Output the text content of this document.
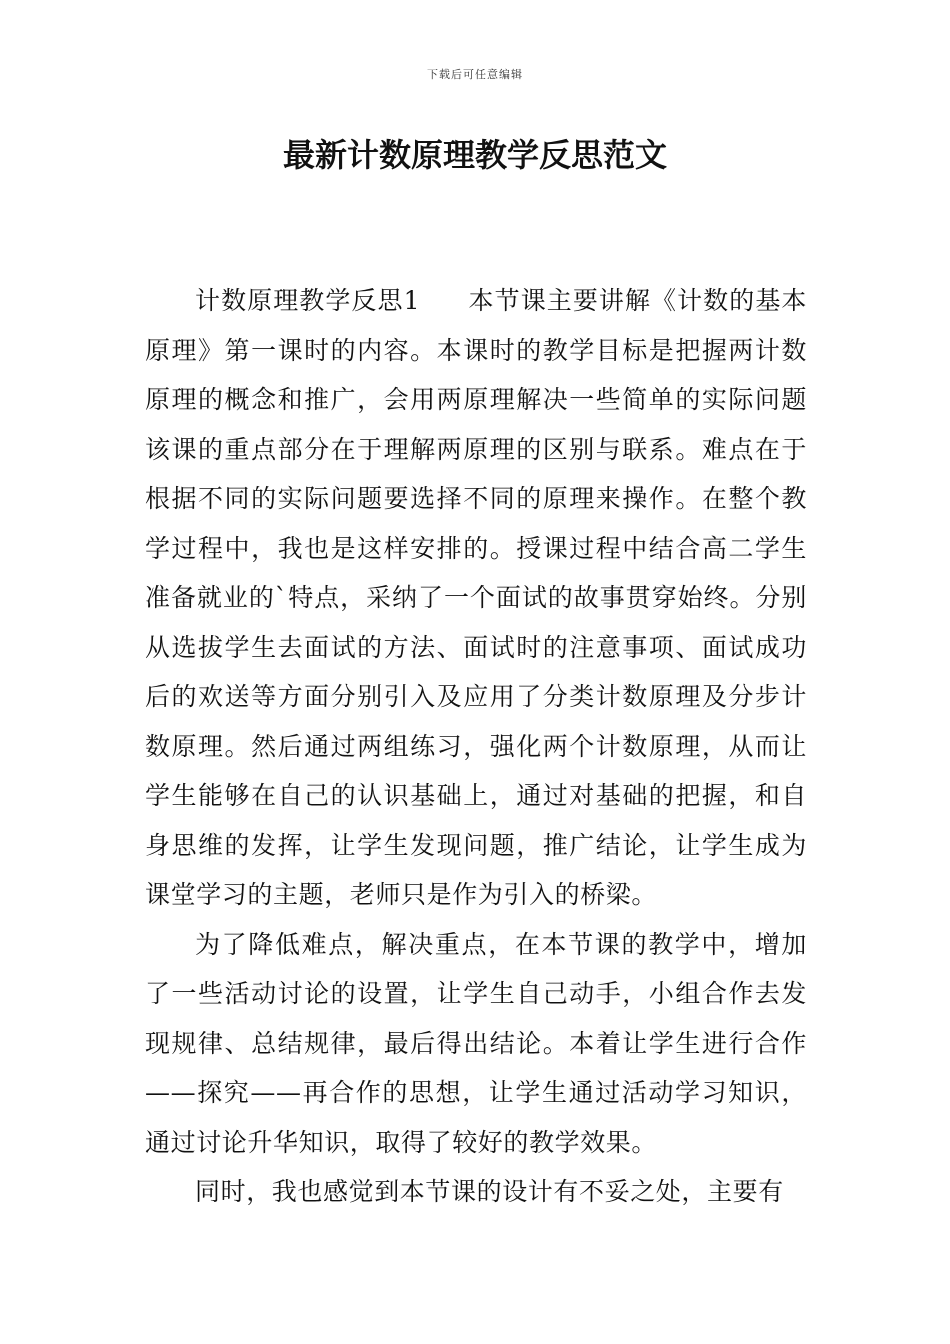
下载后可任意编辑
最新计数原理教学反思范文

计数原理教学反思1 本节课主要讲解《计数的基本原理》第一课时的内容。本课时的教学目标是把握两计数原理的概念和推广，会用两原理解决一些简单的实际问题该课的重点部分在于理解两原理的区别与联系。难点在于根据不同的实际问题要选择不同的原理来操作。在整个教学过程中，我也是这样安排的。授课过程中结合高二学生准备就业的`特点，采纳了一个面试的故事贯穿始终。分别从选拔学生去面试的方法、面试时的注意事项、面试成功后的欢送等方面分别引入及应用了分类计数原理及分步计数原理。然后通过两组练习，强化两个计数原理，从而让学生能够在自己的认识基础上，通过对基础的把握，和自身思维的发挥，让学生发现问题，推广结论，让学生成为课堂学习的主题，老师只是作为引入的桥梁。

为了降低难点，解决重点，在本节课的教学中，增加了一些活动讨论的设置，让学生自己动手，小组合作去发现规律、总结规律，最后得出结论。本着让学生进行合作——探究——再合作的思想，让学生通过活动学习知识，通过讨论升华知识，取得了较好的教学效果。

同时，我也感觉到本节课的设计有不妥之处，主要有
